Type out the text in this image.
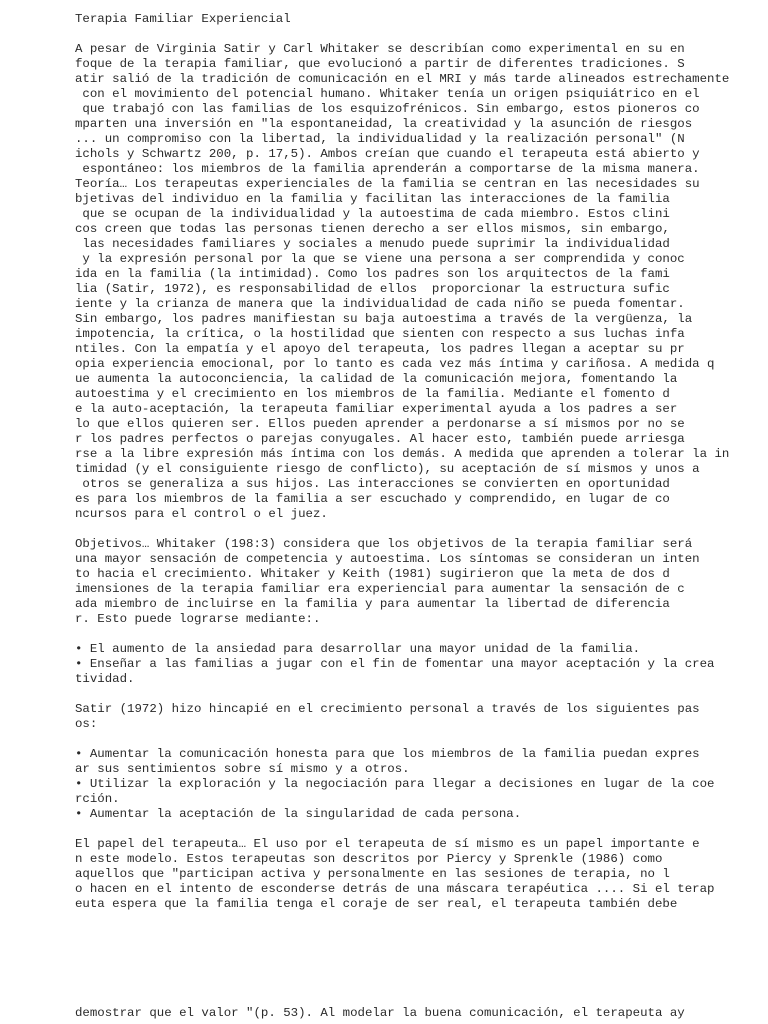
Terapia Familiar Experiencial

A pesar de Virginia Satir y Carl Whitaker se describían como experimental en su en
foque de la terapia familiar, que evolucionó a partir de diferentes tradiciones. S
atir salió de la tradición de comunicación en el MRI y más tarde alineados estrechamente
con el movimiento del potencial humano. Whitaker tenía un origen psiquiátrico en el
que trabajó con las familias de los esquizofrénicos. Sin embargo, estos pioneros co
mparten una inversión en "la espontaneidad, la creatividad y la asunción de riesgos
... un compromiso con la libertad, la individualidad y la realización personal" (N
ichols y Schwartz 200, p. 17,5). Ambos creían que cuando el terapeuta está abierto y
espontáneo: los miembros de la familia aprenderán a comportarse de la misma manera.
Teoría… Los terapeutas experienciales de la familia se centran en las necesidades su
bjetivas del individuo en la familia y facilitan las interacciones de la familia
que se ocupan de la individualidad y la autoestima de cada miembro. Estos clini
cos creen que todas las personas tienen derecho a ser ellos mismos, sin embargo,
las necesidades familiares y sociales a menudo puede suprimir la individualidad
y la expresión personal por la que se viene una persona a ser comprendida y conoc
ida en la familia (la intimidad). Como los padres son los arquitectos de la fami
lia (Satir, 1972), es responsabilidad de ellos  proporcionar la estructura sufic
iente y la crianza de manera que la individualidad de cada niño se pueda fomentar.
Sin embargo, los padres manifiestan su baja autoestima a través de la vergüenza, la
impotencia, la crítica, o la hostilidad que sienten con respecto a sus luchas infa
ntiles. Con la empatía y el apoyo del terapeuta, los padres llegan a aceptar su pr
opia experiencia emocional, por lo tanto es cada vez más íntima y cariñosa. A medida q
ue aumenta la autoconciencia, la calidad de la comunicación mejora, fomentando la
autoestima y el crecimiento en los miembros de la familia. Mediante el fomento d
e la auto-aceptación, la terapeuta familiar experimental ayuda a los padres a ser
lo que ellos quieren ser. Ellos pueden aprender a perdonarse a sí mismos por no se
r los padres perfectos o parejas conyugales. Al hacer esto, también puede arriesga
rse a la libre expresión más íntima con los demás. A medida que aprenden a tolerar la in
timidad (y el consiguiente riesgo de conflicto), su aceptación de sí mismos y unos a
otros se generaliza a sus hijos. Las interacciones se convierten en oportunidad
es para los miembros de la familia a ser escuchado y comprendido, en lugar de co
ncursos para el control o el juez.

Objetivos… Whitaker (198:3) considera que los objetivos de la terapia familiar será
una mayor sensación de competencia y autoestima. Los síntomas se consideran un inten
to hacia el crecimiento. Whitaker y Keith (1981) sugirieron que la meta de dos d
imensiones de la terapia familiar era experiencial para aumentar la sensación de c
ada miembro de incluirse en la familia y para aumentar la libertad de diferencia
r. Esto puede lograrse mediante:.

• El aumento de la ansiedad para desarrollar una mayor unidad de la familia.
• Enseñar a las familias a jugar con el fin de fomentar una mayor aceptación y la crea
tividad.

Satir (1972) hizo hincapié en el crecimiento personal a través de los siguientes pas
os:

• Aumentar la comunicación honesta para que los miembros de la familia puedan expres
ar sus sentimientos sobre sí mismo y a otros.
• Utilizar la exploración y la negociación para llegar a decisiones en lugar de la coe
rción.
• Aumentar la aceptación de la singularidad de cada persona.

El papel del terapeuta… El uso por el terapeuta de sí mismo es un papel importante e
n este modelo. Estos terapeutas son descritos por Piercy y Sprenkle (1986) como
aquellos que "participan activa y personalmente en las sesiones de terapia, no l
o hacen en el intento de esconderse detrás de una máscara terapéutica .... Si el terap
euta espera que la familia tenga el coraje de ser real, el terapeuta también debe
demostrar que el valor "(p. 53). Al modelar la buena comunicación, el terapeuta ay
